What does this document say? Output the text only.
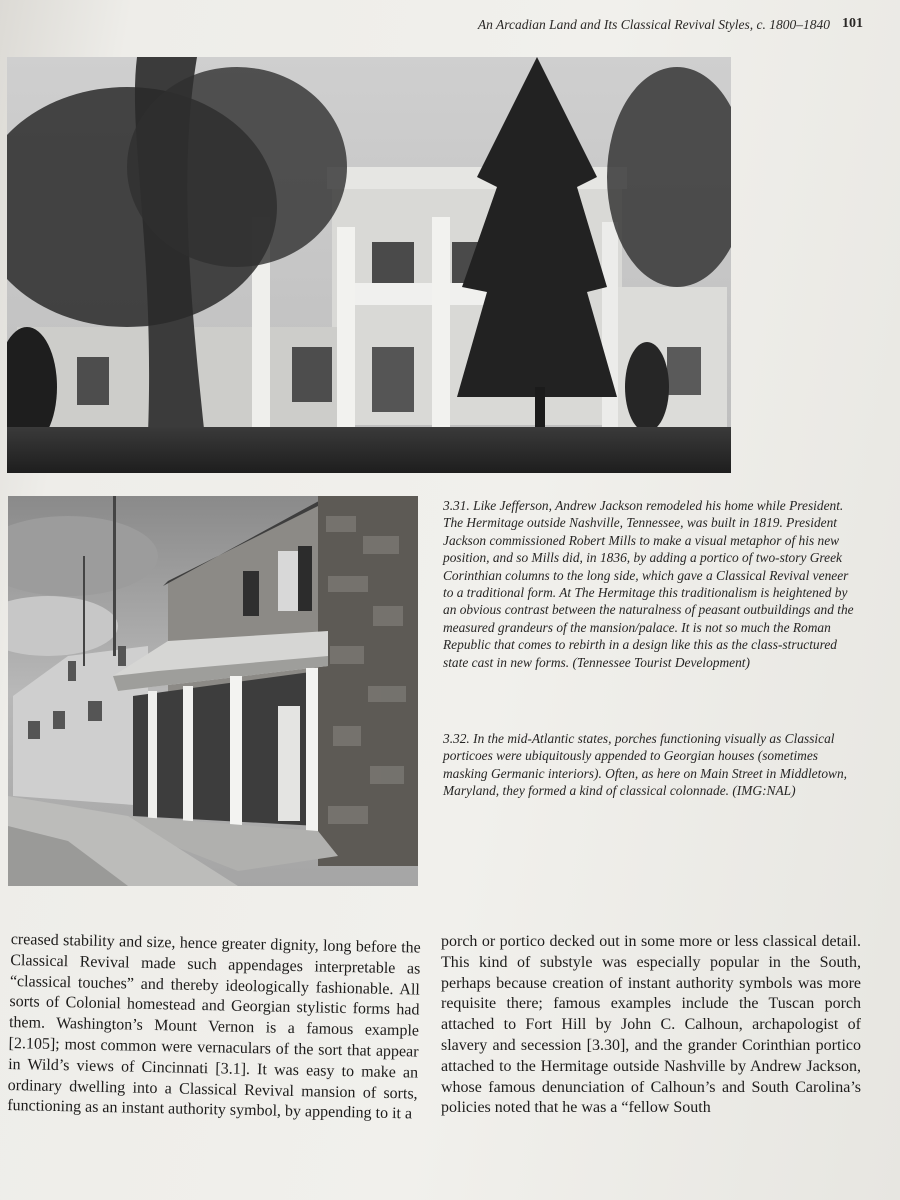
An Arcadian Land and Its Classical Revival Styles, c. 1800–1840 101
3.31. Like Jefferson, Andrew Jackson remodeled his home while President. The Hermitage outside Nashville, Tennessee, was built in 1819. President Jackson commissioned Robert Mills to make a visual metaphor of his new position, and so Mills did, in 1836, by adding a portico of two-story Greek Corinthian columns to the long side, which gave a Classical Revival veneer to a traditional form. At The Hermitage this traditionalism is heightened by an obvious contrast between the naturalness of peasant outbuildings and the measured grandeurs of the mansion/palace. It is not so much the Roman Republic that comes to rebirth in a design like this as the class-structured state cast in new forms. (Tennessee Tourist Development)
3.32. In the mid-Atlantic states, porches functioning visually as Classical porticoes were ubiquitously appended to Georgian houses (sometimes masking Germanic interiors). Often, as here on Main Street in Middletown, Maryland, they formed a kind of classical colonnade. (IMG:NAL)

creased stability and size, hence greater dignity, long before the Classical Revival made such appendages interpretable as “classical touches” and thereby ideologically fashionable. All sorts of Colonial homestead and Georgian stylistic forms had them. Washington’s Mount Vernon is a famous example [2.105]; most common were vernaculars of the sort that appear in Wild’s views of Cincinnati [3.1]. It was easy to make an ordinary dwelling into a Classical Revival mansion of sorts, functioning as an instant authority symbol, by appending to it a

porch or portico decked out in some more or less classical detail. This kind of substyle was especially popular in the South, perhaps because creation of instant authority symbols was more requisite there; famous examples include the Tuscan porch attached to Fort Hill by John C. Calhoun, archapologist of slavery and secession [3.30], and the grander Corinthian portico attached to the Hermitage outside Nashville by Andrew Jackson, whose famous denunciation of Calhoun’s and South Carolina’s policies noted that he was a “fellow South
